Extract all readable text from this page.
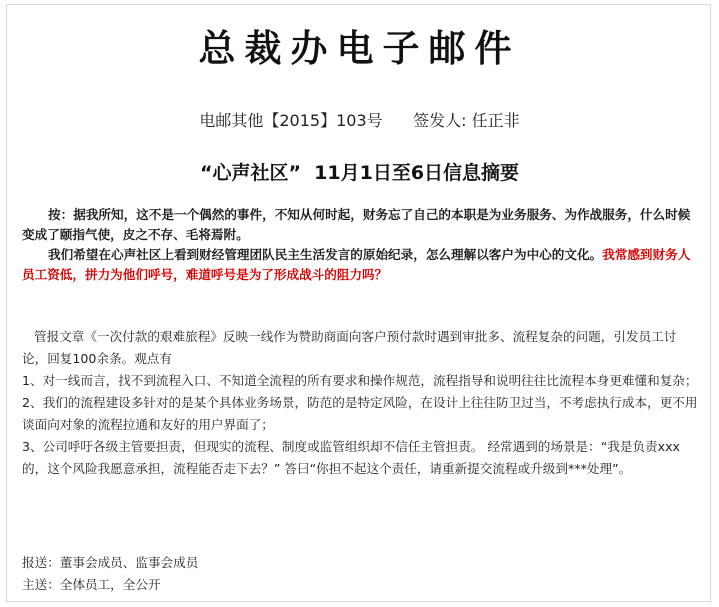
总裁办电子邮件
电邮其他【2015】103号      签发人: 任正非
“心声社区”  11月1日至6日信息摘要

按：据我所知，这不是一个偶然的事件，不知从何时起，财务忘了自己的本职是为业务服务、为作战服务，什么时候变成了颐指气使，皮之不存、毛将焉附。

我们希望在心声社区上看到财经管理团队民主生活发言的原始纪录，怎么理解以客户为中心的文化。我常感到财务人员工资低，拼力为他们呼号，难道呼号是为了形成战斗的阻力吗？

管报文章《一次付款的艰难旅程》反映一线作为赞助商面向客户预付款时遇到审批多、流程复杂的问题，引发员工讨论，回复100余条。观点有

1、对一线而言，找不到流程入口、不知道全流程的所有要求和操作规范，流程指导和说明往往比流程本身更难懂和复杂；

2、我们的流程建设多针对的是某个具体业务场景，防范的是特定风险，在设计上往往防卫过当，不考虑执行成本，更不用谈面向对象的流程拉通和友好的用户界面了；

3、公司呼吁各级主管要担责，但现实的流程、制度或监管组织却不信任主管担责。 经常遇到的场景是：“我是负责xxx的，这个风险我愿意承担，流程能否走下去？” 答曰“你担不起这个责任，请重新提交流程或升级到***处理”。

报送：董事会成员、监事会成员

主送：全体员工，全公开
